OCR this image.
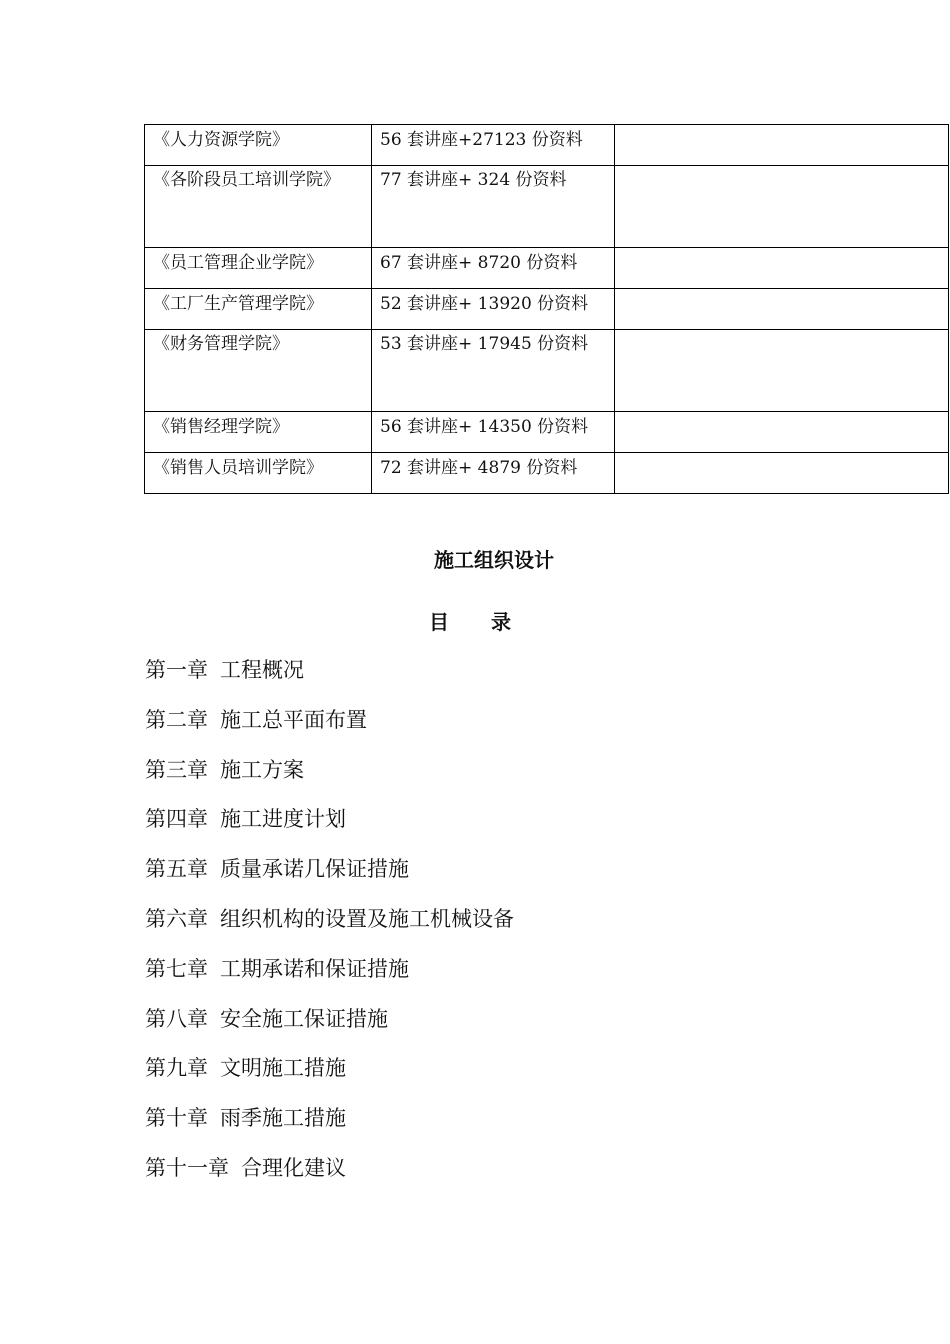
《人力资源学院》	56 套讲座+27123 份资料	

《各阶段员工培训学院》	77 套讲座+ 324 份资料	

《员工管理企业学院》	67 套讲座+ 8720 份资料	

《工厂生产管理学院》	52 套讲座+ 13920 份资料	

《财务管理学院》	53 套讲座+ 17945 份资料	

《销售经理学院》	56 套讲座+ 14350 份资料	

《销售人员培训学院》	72 套讲座+ 4879 份资料	

施工组织设计
目 录
第一章 工程概况
第二章 施工总平面布置
第三章 施工方案
第四章 施工进度计划
第五章 质量承诺几保证措施
第六章 组织机构的设置及施工机械设备
第七章 工期承诺和保证措施
第八章 安全施工保证措施
第九章 文明施工措施
第十章 雨季施工措施
第十一章 合理化建议
